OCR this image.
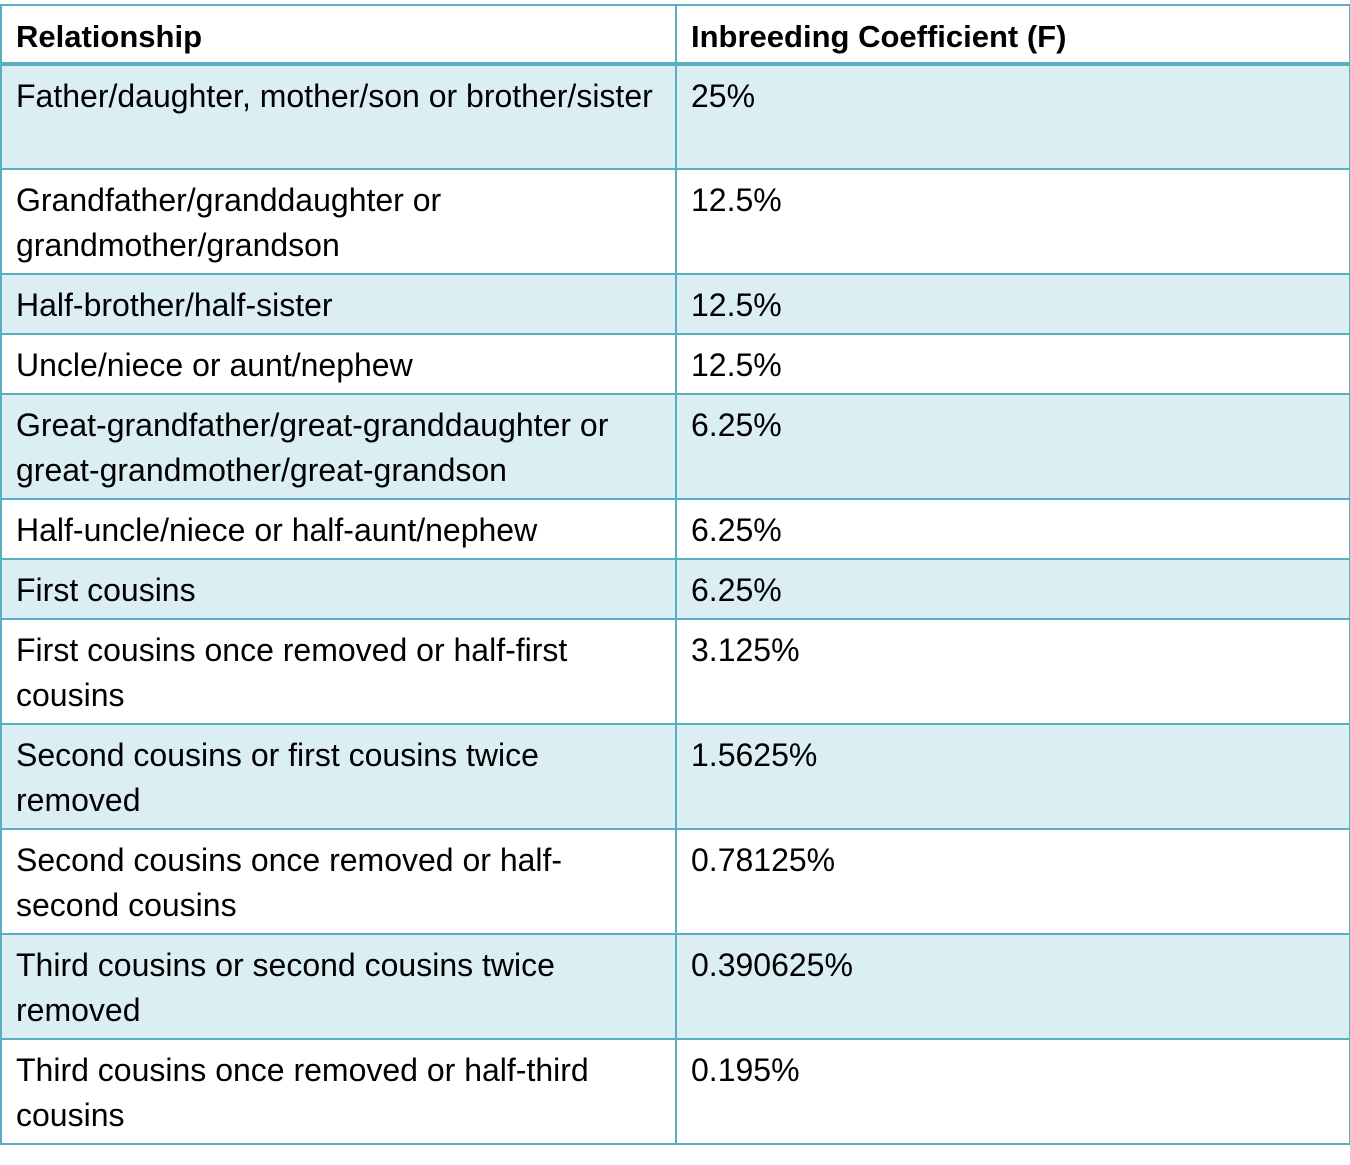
Relationship	Inbreeding Coefficient (F)
Father/daughter, mother/son or brother/sister	25%
Grandfather/granddaughter or grandmother/grandson	12.5%
Half-brother/half-sister	12.5%
Uncle/niece or aunt/nephew	12.5%
Great-grandfather/great-granddaughter or great-grandmother/great-grandson	6.25%
Half-uncle/niece or half-aunt/nephew	6.25%
First cousins	6.25%
First cousins once removed or half-first cousins	3.125%
Second cousins or first cousins twice removed	1.5625%
Second cousins once removed or half-second cousins	0.78125%
Third cousins or second cousins twice removed	0.390625%
Third cousins once removed or half-third cousins	0.195%
